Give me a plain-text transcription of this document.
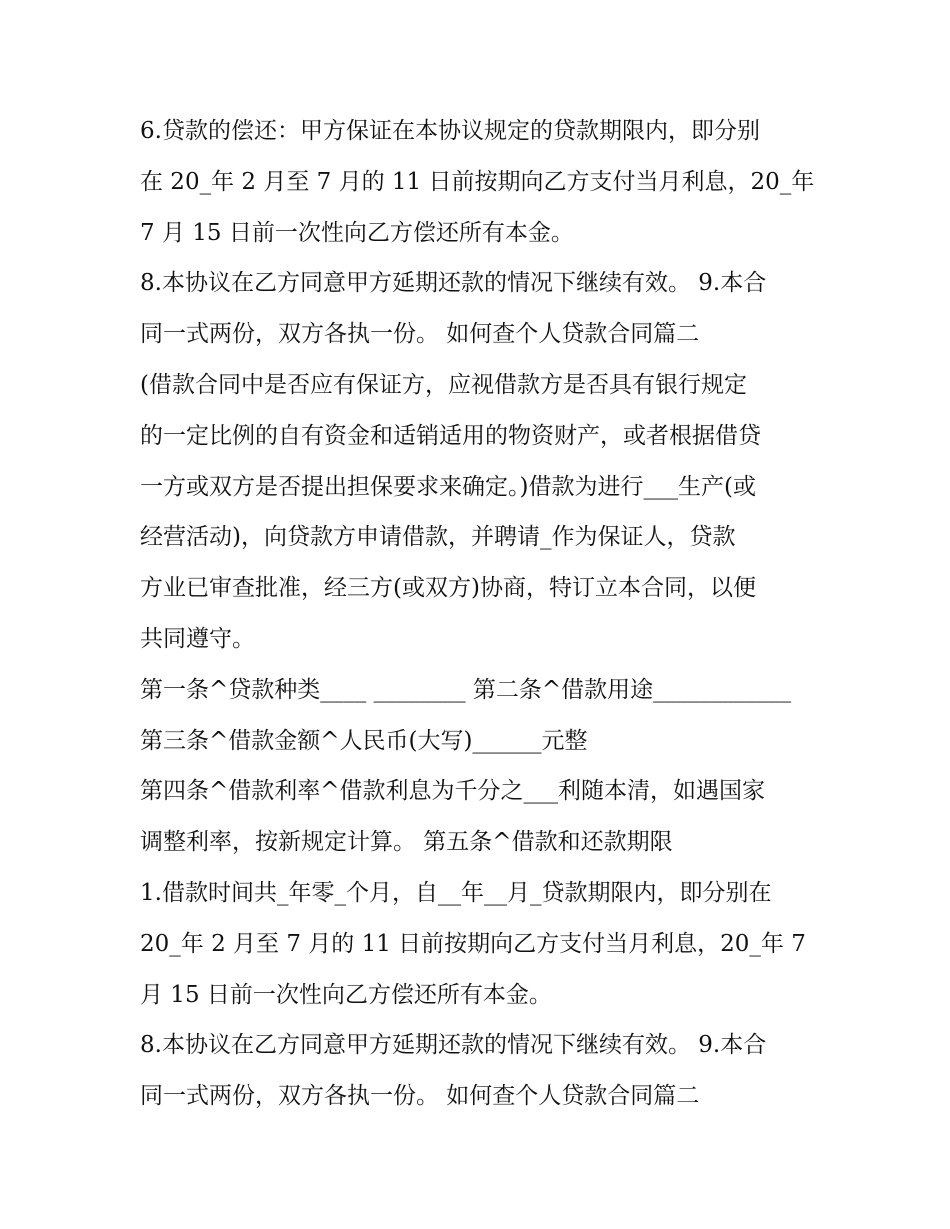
6.贷款的偿还：甲方保证在本协议规定的贷款期限内，即分别
在 20_年 2 月至 7 月的 11 日前按期向乙方支付当月利息，20_年
7 月 15 日前一次性向乙方偿还所有本金。
8.本协议在乙方同意甲方延期还款的情况下继续有效。 9.本合
同一式两份，双方各执一份。 如何查个人贷款合同篇二
(借款合同中是否应有保证方，应视借款方是否具有银行规定
的一定比例的自有资金和适销适用的物资财产，或者根据借贷
一方或双方是否提出担保要求来确定。)借款为进行___生产(或
经营活动)，向贷款方申请借款，并聘请_作为保证人，贷款
方业已审查批准，经三方(或双方)协商，特订立本合同，以便
共同遵守。
第一条^贷款种类____ ________ 第二条^借款用途____________
第三条^借款金额^人民币(大写)______元整
第四条^借款利率^借款利息为千分之___利随本清，如遇国家
调整利率，按新规定计算。 第五条^借款和还款期限
1.借款时间共_年零_个月，自__年__月_贷款期限内，即分别在
20_年 2 月至 7 月的 11 日前按期向乙方支付当月利息，20_年 7
月 15 日前一次性向乙方偿还所有本金。
8.本协议在乙方同意甲方延期还款的情况下继续有效。 9.本合
同一式两份，双方各执一份。 如何查个人贷款合同篇二
